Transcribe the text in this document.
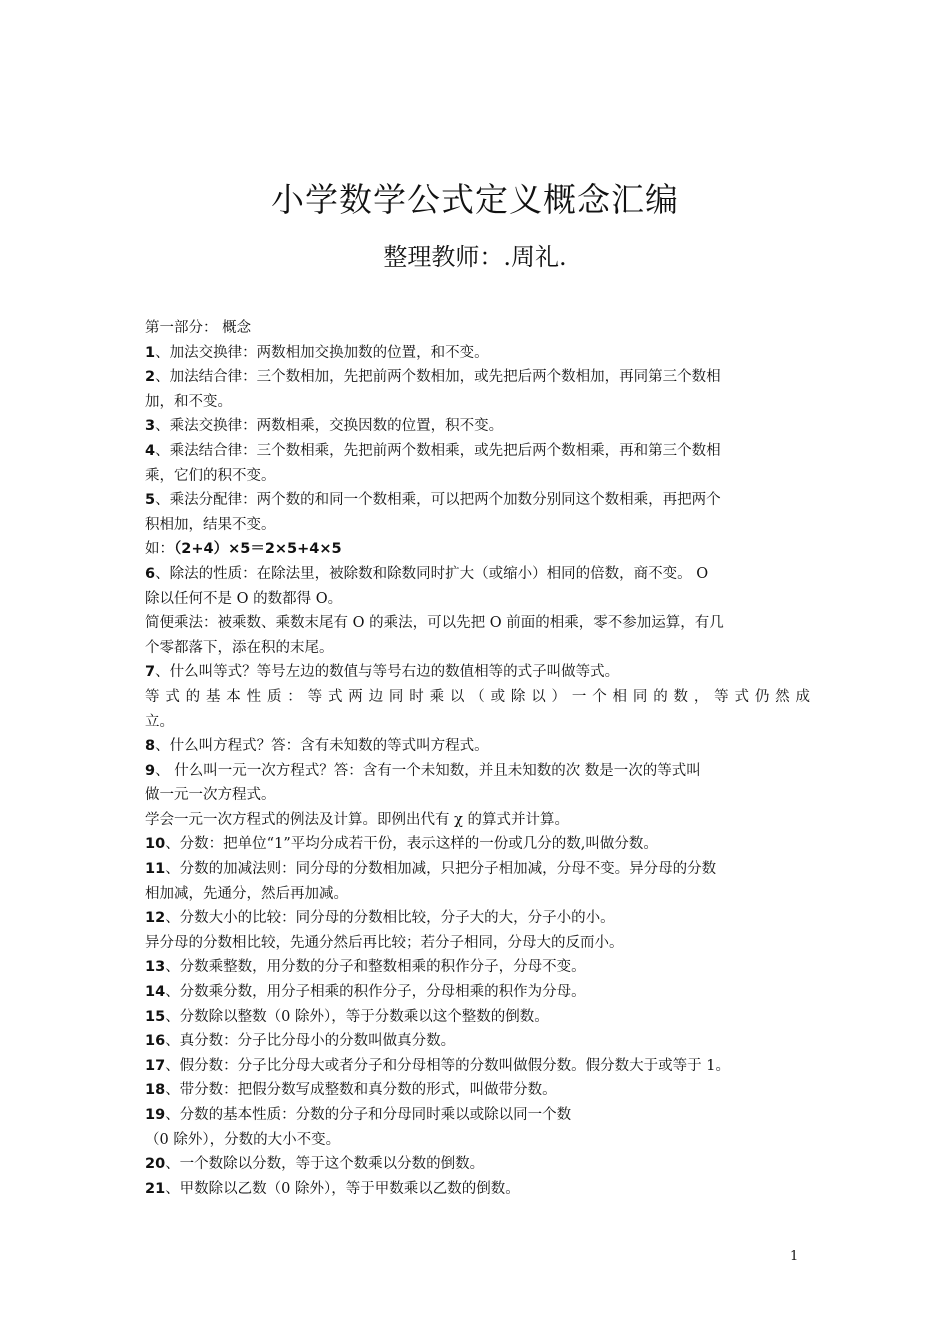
小学数学公式定义概念汇编
整理教师：.周礼.
第一部分： 概念
1、加法交换律：两数相加交换加数的位置，和不变。
2、加法结合律：三个数相加，先把前两个数相加，或先把后两个数相加，再同第三个数相
加，和不变。
3、乘法交换律：两数相乘，交换因数的位置，积不变。
4、乘法结合律：三个数相乘，先把前两个数相乘，或先把后两个数相乘，再和第三个数相
乘，它们的积不变。
5、乘法分配律：两个数的和同一个数相乘，可以把两个加数分别同这个数相乘，再把两个
积相加，结果不变。
如：（2+4）×5＝2×5+4×5
6、除法的性质：在除法里，被除数和除数同时扩大（或缩小）相同的倍数，商不变。 O
除以任何不是 O 的数都得 O。
简便乘法：被乘数、乘数末尾有 O 的乘法，可以先把 O 前面的相乘，零不参加运算，有几
个零都落下，添在积的末尾。
7、什么叫等式？等号左边的数值与等号右边的数值相等的式子叫做等式。
等式的基本性质：等式两边同时乘以（或除以）一个相同的数，等式仍然成
立。
8、什么叫方程式？答：含有未知数的等式叫方程式。
9、 什么叫一元一次方程式？答：含有一个未知数，并且未知数的次 数是一次的等式叫
做一元一次方程式。
学会一元一次方程式的例法及计算。即例出代有 χ 的算式并计算。
10、分数：把单位“1”平均分成若干份，表示这样的一份或几分的数,叫做分数。
11、分数的加减法则：同分母的分数相加减，只把分子相加减，分母不变。异分母的分数
相加减，先通分，然后再加减。
12、分数大小的比较：同分母的分数相比较，分子大的大，分子小的小。
异分母的分数相比较，先通分然后再比较；若分子相同，分母大的反而小。
13、分数乘整数，用分数的分子和整数相乘的积作分子，分母不变。
14、分数乘分数，用分子相乘的积作分子，分母相乘的积作为分母。
15、分数除以整数（0 除外），等于分数乘以这个整数的倒数。
16、真分数：分子比分母小的分数叫做真分数。
17、假分数：分子比分母大或者分子和分母相等的分数叫做假分数。假分数大于或等于 1。
18、带分数：把假分数写成整数和真分数的形式，叫做带分数。
19、分数的基本性质：分数的分子和分母同时乘以或除以同一个数
（0 除外），分数的大小不变。
20、一个数除以分数，等于这个数乘以分数的倒数。
21、甲数除以乙数（0 除外），等于甲数乘以乙数的倒数。
1
